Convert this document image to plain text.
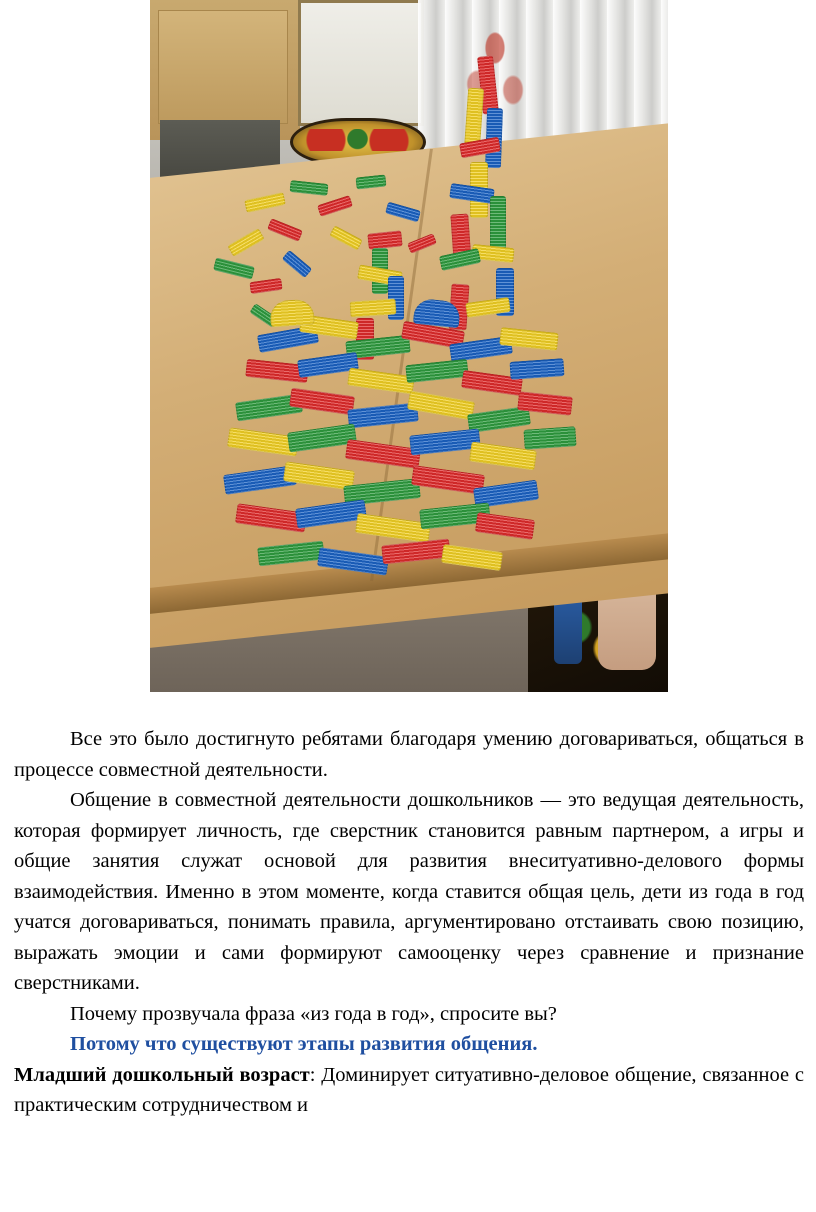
Все это было достигнуто ребятами благодаря умению договариваться, общаться в процессе совместной деятельности.

Общение в совместной деятельности дошкольников — это ведущая деятельность, которая формирует личность, где сверстник становится равным партнером, а игры и общие занятия служат основой для развития внеситуативно-делового формы взаимодействия. Именно в этом моменте, когда ставится общая цель, дети из года в год учатся договариваться, понимать правила, аргументировано отстаивать свою позицию, выражать эмоции и сами формируют самооценку через сравнение и признание сверстниками.

Почему прозвучала фраза «из года в год», спросите вы?

Потому что существуют этапы развития общения.

Младший дошкольный возраст: Доминирует ситуативно-деловое общение, связанное с практическим сотрудничеством и
